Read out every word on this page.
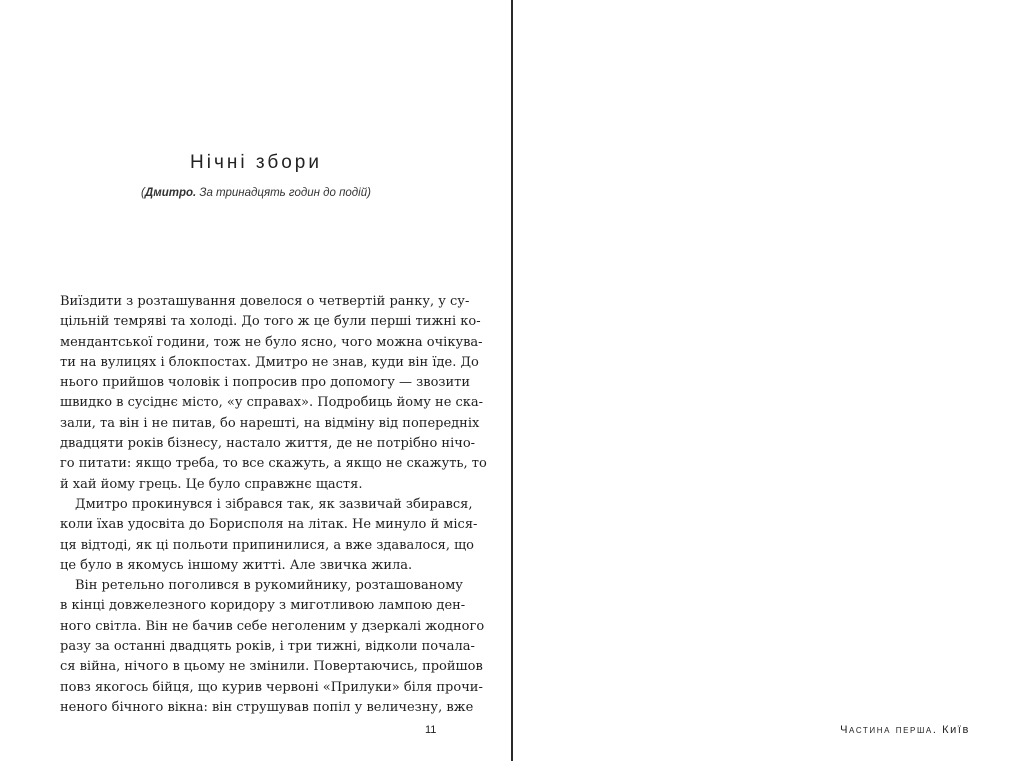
Нічні збори
(Дмитро. За тринадцять годин до подій)
Виїздити з розташування довелося о четвертій ранку, у су-
цільній темряві та холоді. До того ж це були перші тижні ко-
мендантської години, тож не було ясно, чого можна очікува-
ти на вулицях і блокпостах. Дмитро не знав, куди він їде. До
нього прийшов чоловік і попросив про допомогу — звозити
швидко в сусіднє місто, «у справах». Подробиць йому не ска-
зали, та він і не питав, бо нарешті, на відміну від попередніх
двадцяти років бізнесу, настало життя, де не потрібно нічо-
го питати: якщо треба, то все скажуть, а якщо не скажуть, то
й хай йому грець. Це було справжнє щастя.
Дмитро прокинувся і зібрався так, як зазвичай збирався,
коли їхав удосвіта до Борисполя на літак. Не минуло й міся-
ця відтоді, як ці польоти припинилися, а вже здавалося, що
це було в якомусь іншому житті. Але звичка жила.
Він ретельно поголився в рукомийнику, розташованому
в кінці довжелезного коридору з миготливою лампою ден-
ного світла. Він не бачив себе неголеним у дзеркалі жодного
разу за останні двадцять років, і три тижні, відколи почала-
ся війна, нічого в цьому не змінили. Повертаючись, пройшов
повз якогось бійця, що курив червоні «Прилуки» біля прочи-
неного бічного вікна: він струшував попіл у величезну, вже
11	Частина перша. Київ
